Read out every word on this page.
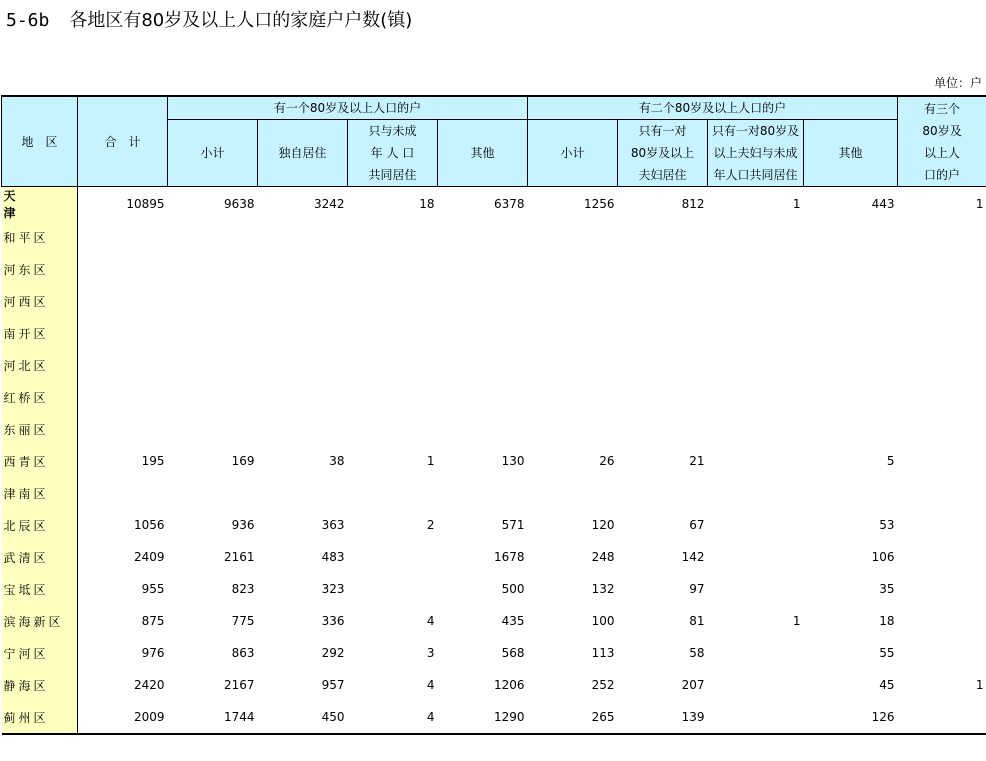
5-6b 各地区有80岁及以上人口的家庭户户数(镇)
单位：户
地　区	合　计	有一个80岁及以上人口的户				有二个80岁及以上人口的户				有三个
80岁及
以上人
口的户

		小计	独自居住	只与未成
年 人 口
共同居住	其他	小计	只有一对
80岁及以上
夫妇居住	只有一对80岁及
以上夫妇与未成
年人口共同居住	其他	
天津	10895	9638	3242	18	6378	1256	812	1	443	1
和平区										
河东区										
河西区										
南开区										
河北区										
红桥区										
东丽区										
西青区	195	169	38	1	130	26	21		5	
津南区										
北辰区	1056	936	363	2	571	120	67		53	
武清区	2409	2161	483		1678	248	142		106	
宝坻区	955	823	323		500	132	97		35	
滨海新区	875	775	336	4	435	100	81	1	18	
宁河区	976	863	292	3	568	113	58		55	
静海区	2420	2167	957	4	1206	252	207		45	1
蓟州区	2009	1744	450	4	1290	265	139		126	
